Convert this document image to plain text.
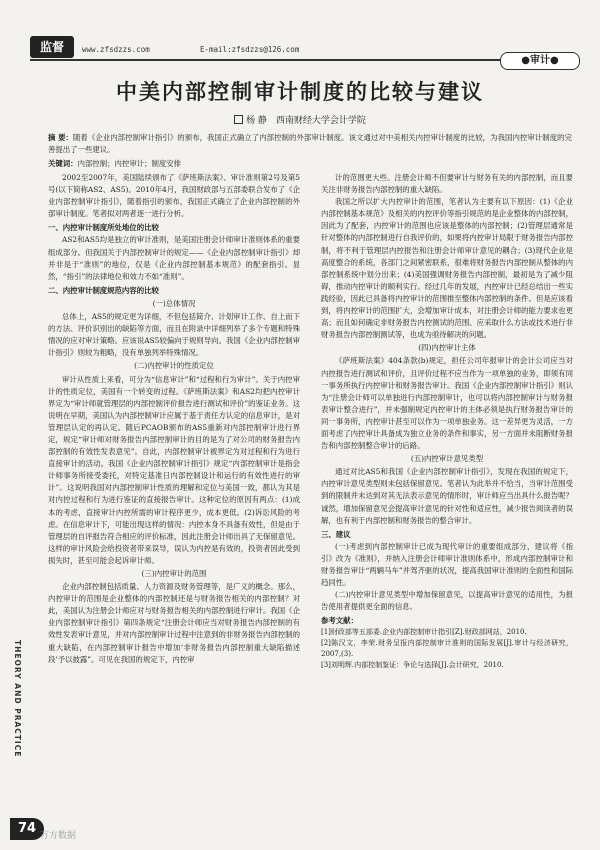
监督	www.zfsdzzs.com	E-mail:zfsdzzs@126.com
●审计●
中美内部控制审计制度的比较与建议
杨 静　西南财经大学会计学院
摘 要：随着《企业内部控制审计指引》的颁布，我国正式确立了内部控制的外部审计制度。该文通过对中美相关内控审计制度的比较，为我国内控审计制度的完善提出了一些建议。
关键词：内部控制；内控审计；制度安排

2002至2007年，美国陆续颁布了《萨班斯法案》、审计准则第2号及第5号(以下简称AS2、AS5)。2010年4月，我国财政部与五部委联合发布了《企业内部控制审计指引》，随着指引的颁布，我国正式确立了企业内部控制的外部审计制度。笔者拟对两者逐一进行分析。

一、内控审计制度所处地位的比较

AS2和AS5均是独立的审计准则，是美国注册会计师审计准则体系的重要组成部分。但我国关于内部控制审计的规定——《企业内部控制审计指引》却并非是于“准则”的地位，仅是《企业内部控制基本规范》的配套指引。显然，“指引”的法律地位和效力不如“准则”。

二、内控审计制度规范内容的比较

(一)总体情况

总体上，AS5的规定更为详细，不但包括简介、计划审计工作、自上而下的方法、评价识别出的缺陷等方面，而且在附录中详细列举了多个专题和特殊情况的应对审计策略。应该说AS5较偏向于规则导向。我国《企业内部控制审计指引》则较为粗略，没有单独列举特殊情况。

(二)内控审计的性质定位

审计从性质上来看，可分为“信息审计”和“过程和行为审计”。关于内控审计的性质定位，美国有一个转变的过程。《萨班斯法案》和AS2均把内控审计界定为“审计师就管理层的内部控制评价报告进行测试和评价”的鉴证业务。这说明在早期，美国认为内部控制审计应属于基于责任方认定的信息审计，是对管理层认定的再认定。随后PCAOB颁布的AS5重新对内部控制审计进行界定，规定“审计师对财务报告内部控制审计的目的是为了对公司的财务报告内部控制的有效性发表意见”。自此，内部控制审计被界定为对过程和行为进行直接审计的活动。我国《企业内部控制审计指引》规定“内部控制审计是指会计师事务所接受委托，对特定基准日内部控制设计和运行的有效性进行的审计”。这说明我国对内部控制审计性质的理解和定位与美国一致，都认为其是对内控过程和行为进行鉴证的直接报告审计。这种定位的原因有两点：(1)成本的考虑，直接审计内控所需的审计程序更少，成本更低。(2)诉讼风险的考虑。在信息审计下，可能出现这样的情况：内控本身不具备有效性，但是由于管理层的自评报告符合相应的评价标准，因此注册会计师出具了无保留意见。这样的审计风险会给投资者带来误导，误认为内控是有效的，投资者因此受到损失时，甚至可能会起诉审计师。

(三)内控审计的范围

企业内部控制包括质量、人力资源及财务管理等，是广义的概念。那么，内控审计的范围是企业整体的内部控制还是与财务报告相关的内部控制？对此，美国认为注册会计师应对与财务报告相关的内部控制进行审计。我国《企业内部控制审计指引》第四条规定“注册会计师应当对财务报告内部控制的有效性发表审计意见，并对内部控制审计过程中注意到的非财务报告内部控制的重大缺陷，在内部控制审计报告中增加‘非财务报告内部控制重大缺陷描述段’予以披露”。可见在我国的规定下，内控审

计的范围更大些。注册会计师不但要审计与财务有关的内部控制，而且要关注非财务报告内部控制的重大缺陷。

我国之所以扩大内控审计的范围，笔者认为主要有以下原因：(1)《企业内部控制基本规范》及相关的内控评价等指引规范的是企业整体的内部控制，因此为了配套，内控审计的范围也应该是整体的内部控制；(2)管理层通常是针对整体的内部控制进行自我评价的，如果将内控审计局限于财务报告内部控制，将不利于管理层内控报告和注册会计师审计意见的耦合；(3)现代企业是高度整合的系统，各部门之间紧密联系，很难将财务报告内部控制从整体的内部控制系统中划分出来；(4)美国强调财务报告内部控制，最初是为了减少阻碍，推动内控审计的顺利实行。经过几年的发展，内控审计已经总结出一些实践经验，因此已具备将内控审计的范围推至整体内部控制的条件。但是应该看到，将内控审计的范围扩大，会增加审计成本，对注册会计师的能力要求也更高；而且如何确定非财务报告内控测试的范围、应采取什么方法或技术进行非财务报告内部控制测试等，也成为亟待解决的问题。

(四)内控审计主体

《萨班斯法案》404条款(b)规定，担任公司年报审计的会计公司应当对内控报告进行测试和评价，且评价过程不应当作为一项单独的业务，即须有同一事务所执行内控审计和财务报告审计。我国《企业内部控制审计指引》则认为“注册会计师可以单独进行内部控制审计，也可以将内部控制审计与财务报表审计整合进行”，并未强制规定内控审计的主体必须是执行财务报告审计的同一事务所，内控审计甚至可以作为一项单独业务。这一差异更为灵活，一方面考虑了内控审计具备成为独立业务的条件和事实，另一方面并未阻断财务报告和内部控制整合审计的后路。

(五)内控审计意见类型

通过对比AS5和我国《企业内部控制审计指引》，发现在我国的规定下，内控审计意见类型则未包括保留意见。笔者认为此举并不恰当，当审计范围受到的限制并未达到对其无法表示意见的情形时，审计师应当出具什么报告呢？诚然，增加保留意见会提高审计意见的针对性和适应性，减少报告阅读者的误解，也有利于内部控制和财务报告的整合审计。

三、建议

(一)考虑到内部控制审计已成为现代审计的重要组成部分，建议将《指引》改为《准则》，并纳入注册会计师审计准则体系中，形成内部控制审计和财务报告审计“两辆马车”并驾齐驱的状况，提高我国审计准则的全面性和国际趋同性。

(二)内控审计意见类型中增加保留意见，以提高审计意见的适用性，为报告使用者提供更全面的信息。

参考文献：

[1]财政部等五部委.企业内部控制审计指引[Z].财政部网站，2010.

[2]陈汉文，李荣.财务呈报内部控制审计准则的国际发展[J].审计与经济研究，2007,(3).

[3]刘明辉.内部控制鉴证：争论与选择[J].会计研究，2010.

THEORY AND PRACTICE
74 万方数据
